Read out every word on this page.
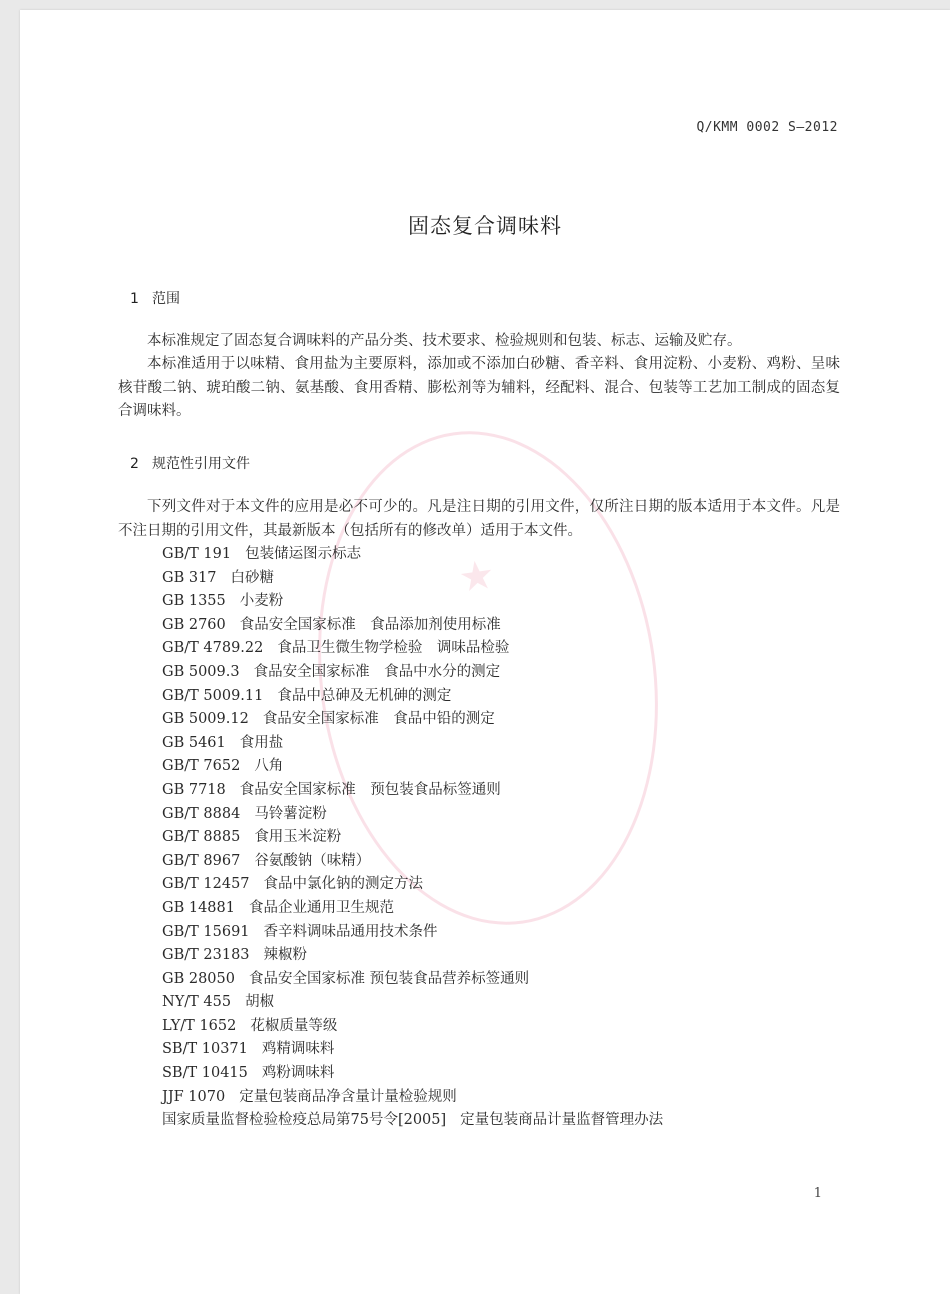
★
Q/KMM 0002 S—2012
固态复合调味料
1 范围

本标准规定了固态复合调味料的产品分类、技术要求、检验规则和包装、标志、运输及贮存。

本标准适用于以味精、食用盐为主要原料，添加或不添加白砂糖、香辛料、食用淀粉、小麦粉、鸡粉、呈味核苷酸二钠、琥珀酸二钠、氨基酸、食用香精、膨松剂等为辅料，经配料、混合、包装等工艺加工制成的固态复合调味料。

2 规范性引用文件

下列文件对于本文件的应用是必不可少的。凡是注日期的引用文件，仅所注日期的版本适用于本文件。凡是不注日期的引用文件，其最新版本（包括所有的修改单）适用于本文件。

GB/T 191 包装储运图示标志
GB 317 白砂糖
GB 1355 小麦粉
GB 2760 食品安全国家标准　食品添加剂使用标准
GB/T 4789.22 食品卫生微生物学检验　调味品检验
GB 5009.3 食品安全国家标准　食品中水分的测定
GB/T 5009.11 食品中总砷及无机砷的测定
GB 5009.12 食品安全国家标准　食品中铅的测定
GB 5461 食用盐
GB/T 7652 八角
GB 7718 食品安全国家标准　预包装食品标签通则
GB/T 8884 马铃薯淀粉
GB/T 8885 食用玉米淀粉
GB/T 8967 谷氨酸钠（味精）
GB/T 12457 食品中氯化钠的测定方法
GB 14881 食品企业通用卫生规范
GB/T 15691 香辛料调味品通用技术条件
GB/T 23183 辣椒粉
GB 28050 食品安全国家标准 预包装食品营养标签通则
NY/T 455 胡椒
LY/T 1652 花椒质量等级
SB/T 10371 鸡精调味料
SB/T 10415 鸡粉调味料
JJF 1070 定量包装商品净含量计量检验规则
国家质量监督检验检疫总局第75号令[2005] 定量包装商品计量监督管理办法
1
